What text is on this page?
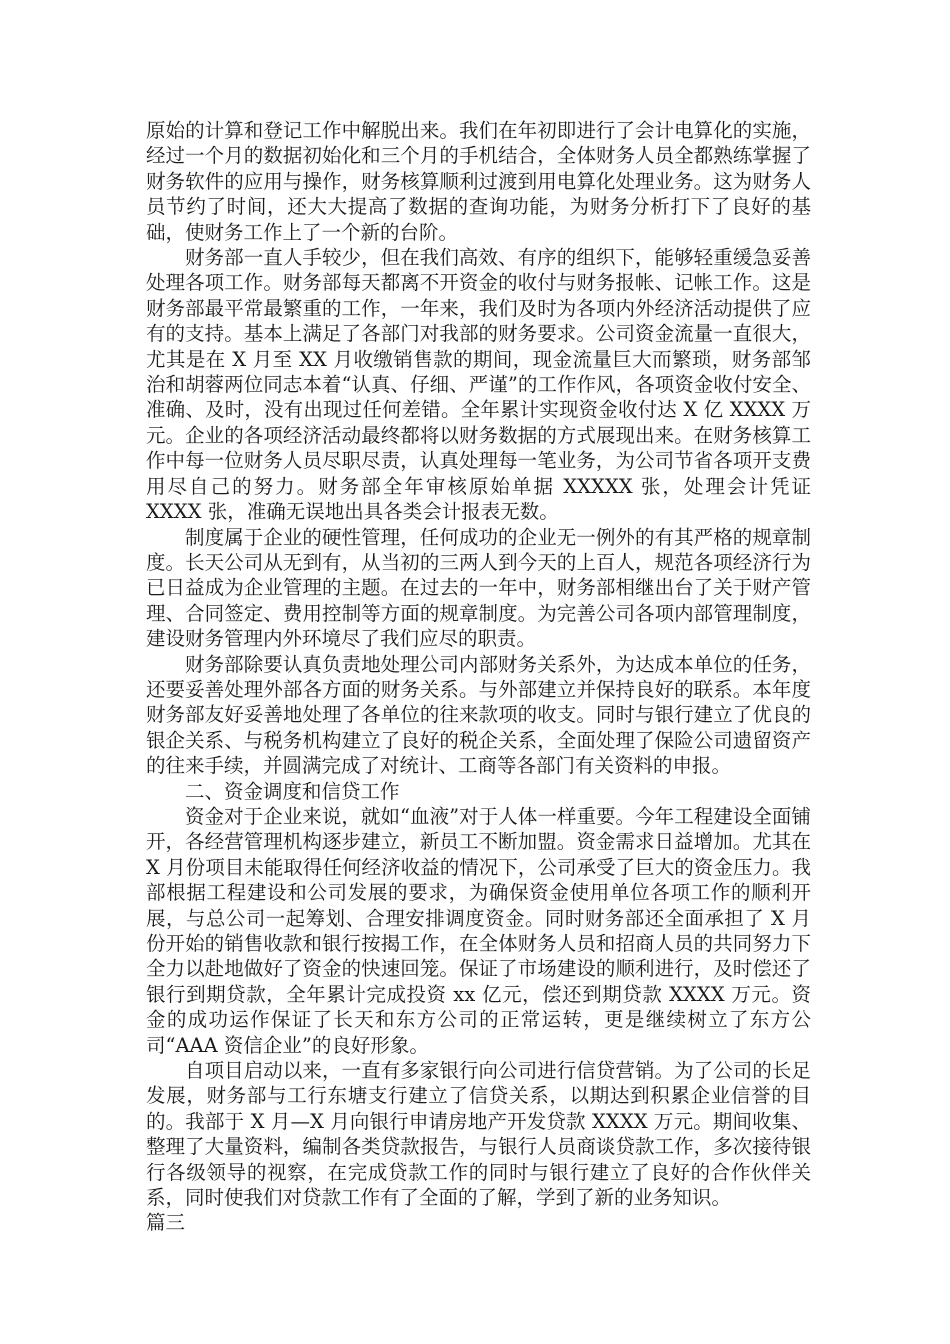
原始的计算和登记工作中解脱出来。我们在年初即进行了会计电算化的实施，经过一个月的数据初始化和三个月的手机结合，全体财务人员全都熟练掌握了财务软件的应用与操作，财务核算顺利过渡到用电算化处理业务。这为财务人员节约了时间，还大大提高了数据的查询功能，为财务分析打下了良好的基础，使财务工作上了一个新的台阶。

财务部一直人手较少，但在我们高效、有序的组织下，能够轻重缓急妥善处理各项工作。财务部每天都离不开资金的收付与财务报帐、记帐工作。这是财务部最平常最繁重的工作，一年来，我们及时为各项内外经济活动提供了应有的支持。基本上满足了各部门对我部的财务要求。公司资金流量一直很大，尤其是在 X 月至 XX 月收缴销售款的期间，现金流量巨大而繁琐，财务部邹治和胡蓉两位同志本着“认真、仔细、严谨”的工作作风，各项资金收付安全、准确、及时，没有出现过任何差错。全年累计实现资金收付达 X 亿 XXXX 万元。企业的各项经济活动最终都将以财务数据的方式展现出来。在财务核算工作中每一位财务人员尽职尽责，认真处理每一笔业务，为公司节省各项开支费用尽自己的努力。财务部全年审核原始单据 XXXXX 张，处理会计凭证 XXXX 张，准确无误地出具各类会计报表无数。

制度属于企业的硬性管理，任何成功的企业无一例外的有其严格的规章制度。长天公司从无到有，从当初的三两人到今天的上百人，规范各项经济行为已日益成为企业管理的主题。在过去的一年中，财务部相继出台了关于财产管理、合同签定、费用控制等方面的规章制度。为完善公司各项内部管理制度，建设财务管理内外环境尽了我们应尽的职责。

财务部除要认真负责地处理公司内部财务关系外，为达成本单位的任务，还要妥善处理外部各方面的财务关系。与外部建立并保持良好的联系。本年度财务部友好妥善地处理了各单位的往来款项的收支。同时与银行建立了优良的银企关系、与税务机构建立了良好的税企关系，全面处理了保险公司遗留资产的往来手续，并圆满完成了对统计、工商等各部门有关资料的申报。

二、资金调度和信贷工作

资金对于企业来说，就如“血液”对于人体一样重要。今年工程建设全面铺开，各经营管理机构逐步建立，新员工不断加盟。资金需求日益增加。尤其在 X 月份项目未能取得任何经济收益的情况下，公司承受了巨大的资金压力。我部根据工程建设和公司发展的要求，为确保资金使用单位各项工作的顺利开展，与总公司一起筹划、合理安排调度资金。同时财务部还全面承担了 X 月份开始的销售收款和银行按揭工作，在全体财务人员和招商人员的共同努力下全力以赴地做好了资金的快速回笼。保证了市场建设的顺利进行，及时偿还了银行到期贷款，全年累计完成投资 xx 亿元，偿还到期贷款 XXXX 万元。资金的成功运作保证了长天和东方公司的正常运转，更是继续树立了东方公司“AAA 资信企业”的良好形象。

自项目启动以来，一直有多家银行向公司进行信贷营销。为了公司的长足发展，财务部与工行东塘支行建立了信贷关系，以期达到积累企业信誉的目的。我部于 X 月—X 月向银行申请房地产开发贷款 XXXX 万元。期间收集、整理了大量资料，编制各类贷款报告，与银行人员商谈贷款工作，多次接待银行各级领导的视察，在完成贷款工作的同时与银行建立了良好的合作伙伴关系，同时使我们对贷款工作有了全面的了解，学到了新的业务知识。

篇三
